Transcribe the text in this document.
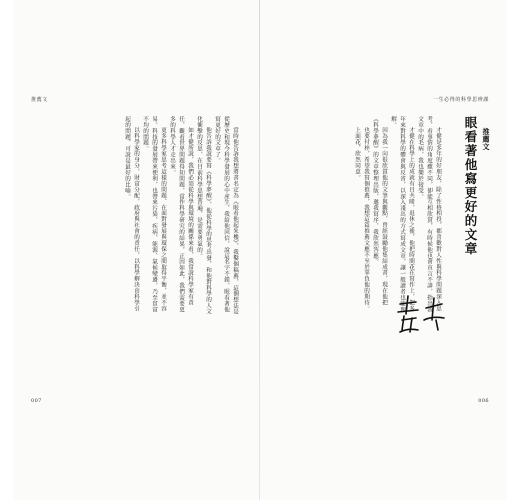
推薦文

當時他告訴我想將書名定為《眼看他起朱樓》，我鑿個稿薦，這個想法是從歷史和現今科學發展的心中產生，我給他回信，說這名字不錯，眼看著他寫更好的文章了。

他告訴我說要寫《科學夢醒》，他從科學的思考出發，和他對科學的人文化衝擊的反思，在目前科學思想普遍，是需要勇氣的。

如才健所說，我們必須從科學與環境的關係來看，我常說科學家有責任，觀看世界問題得知問題，當作科學研究的結果，正因如此，我們需要更多的科學人才走出來。

更多科學家思考這樣的問題、在面對發展與環保之間取得平衡，並不容易。科技的發展帶來便利，也帶來污染、疾病、能源、氣候變遷，乃至貧富不均的問題。

以科學家的身分，財富分配，政府與社會的責任，以科學解決由科學引起的問題，可說是最好的比喻。

007
一生必得的科學思辨課
推薦文
眼看著他寫更好的文章

才健是多年的好朋友，除了性格相投，都喜歡對人性與科學問題深入思考，看事情的角度雖不同，卻能互相欣賞，有時候他也會直言不諱，指出我文章中的毛病，我也樂於接受。

才健在科學上的成就有目共睹，退休之後，他把時間花在寫作上，把多年來對科學的體會與反省，以深入淺出的方式寫成文章，讓一般讀者也能理解。

因為我一向很欣賞他的文筆與觀點，曾經鼓勵他集結成書，現在他把《科學夢醒》的文章整理出版，邀我寫序，我欣然答應。

也要付梓，希望我寫個推薦，我想這篇推薦文應不至於辜負他的期待。

上面花，欣然同意。

006
